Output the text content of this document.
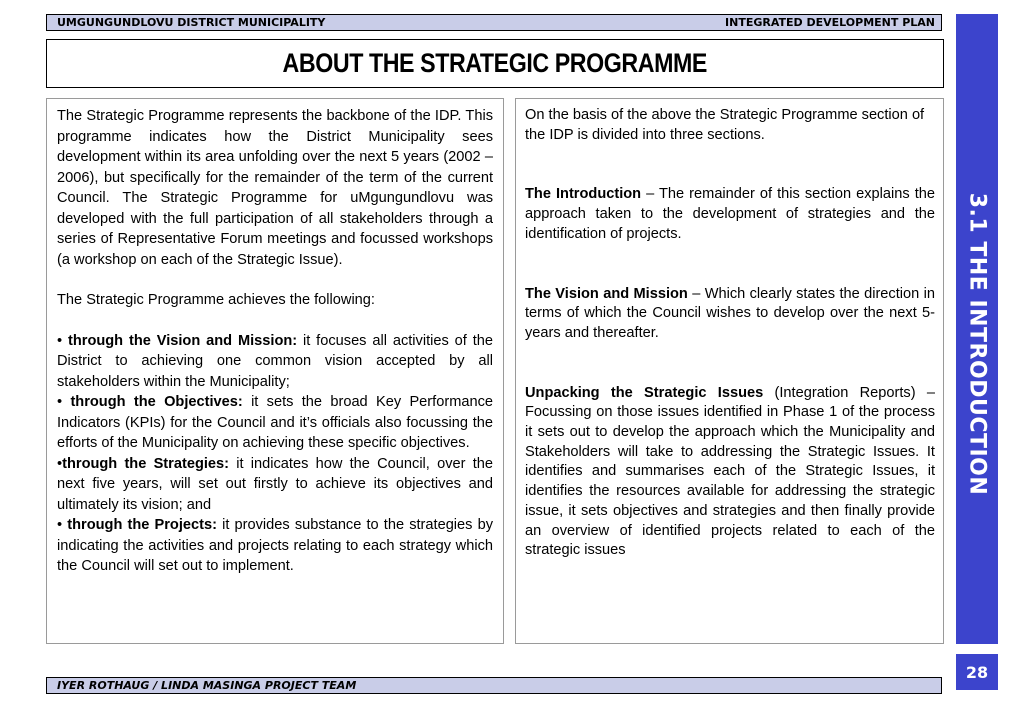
UMGUNGUNDLOVU DISTRICT MUNICIPALITY	INTEGRATED DEVELOPMENT PLAN
ABOUT THE STRATEGIC PROGRAMME

The Strategic Programme represents the backbone of the IDP. This programme indicates how the District Municipality sees development within its area unfolding over the next 5 years (2002 – 2006), but specifically for the remainder of the term of the current Council. The Strategic Programme for uMgungundlovu was developed with the full participation of all stakeholders through a series of Representative Forum meetings and focussed workshops (a workshop on each of the Strategic Issue).

The Strategic Programme achieves the following:

• through the Vision and Mission: it focuses all activities of the District to achieving one common vision accepted by all stakeholders within the Municipality;

• through the Objectives: it sets the broad Key Performance Indicators (KPIs) for the Council and it’s officials also focussing the efforts of the Municipality on achieving these specific objectives.

•through the Strategies: it indicates how the Council, over the next five years, will set out firstly to achieve its objectives and ultimately its vision; and

• through the Projects: it provides substance to the strategies by indicating the activities and projects relating to each strategy which the Council will set out to implement.

On the basis of the above the Strategic Programme section of the IDP is divided into three sections.

The Introduction – The remainder of this section explains the approach taken to the development of strategies and the identification of projects.

The Vision and Mission – Which clearly states the direction in terms of which the Council wishes to develop over the next 5-years and thereafter.

Unpacking the Strategic Issues (Integration Reports) – Focussing on those issues identified in Phase 1 of the process it sets out to develop the approach which the Municipality and Stakeholders will take to addressing the Strategic Issues. It identifies and summarises each of the Strategic Issues, it identifies the resources available for addressing the strategic issue, it sets objectives and strategies and then finally provide an overview of identified projects related to each of the strategic issues

3.1 THE INTRODUCTION
28
IYER ROTHAUG / LINDA MASINGA PROJECT TEAM
